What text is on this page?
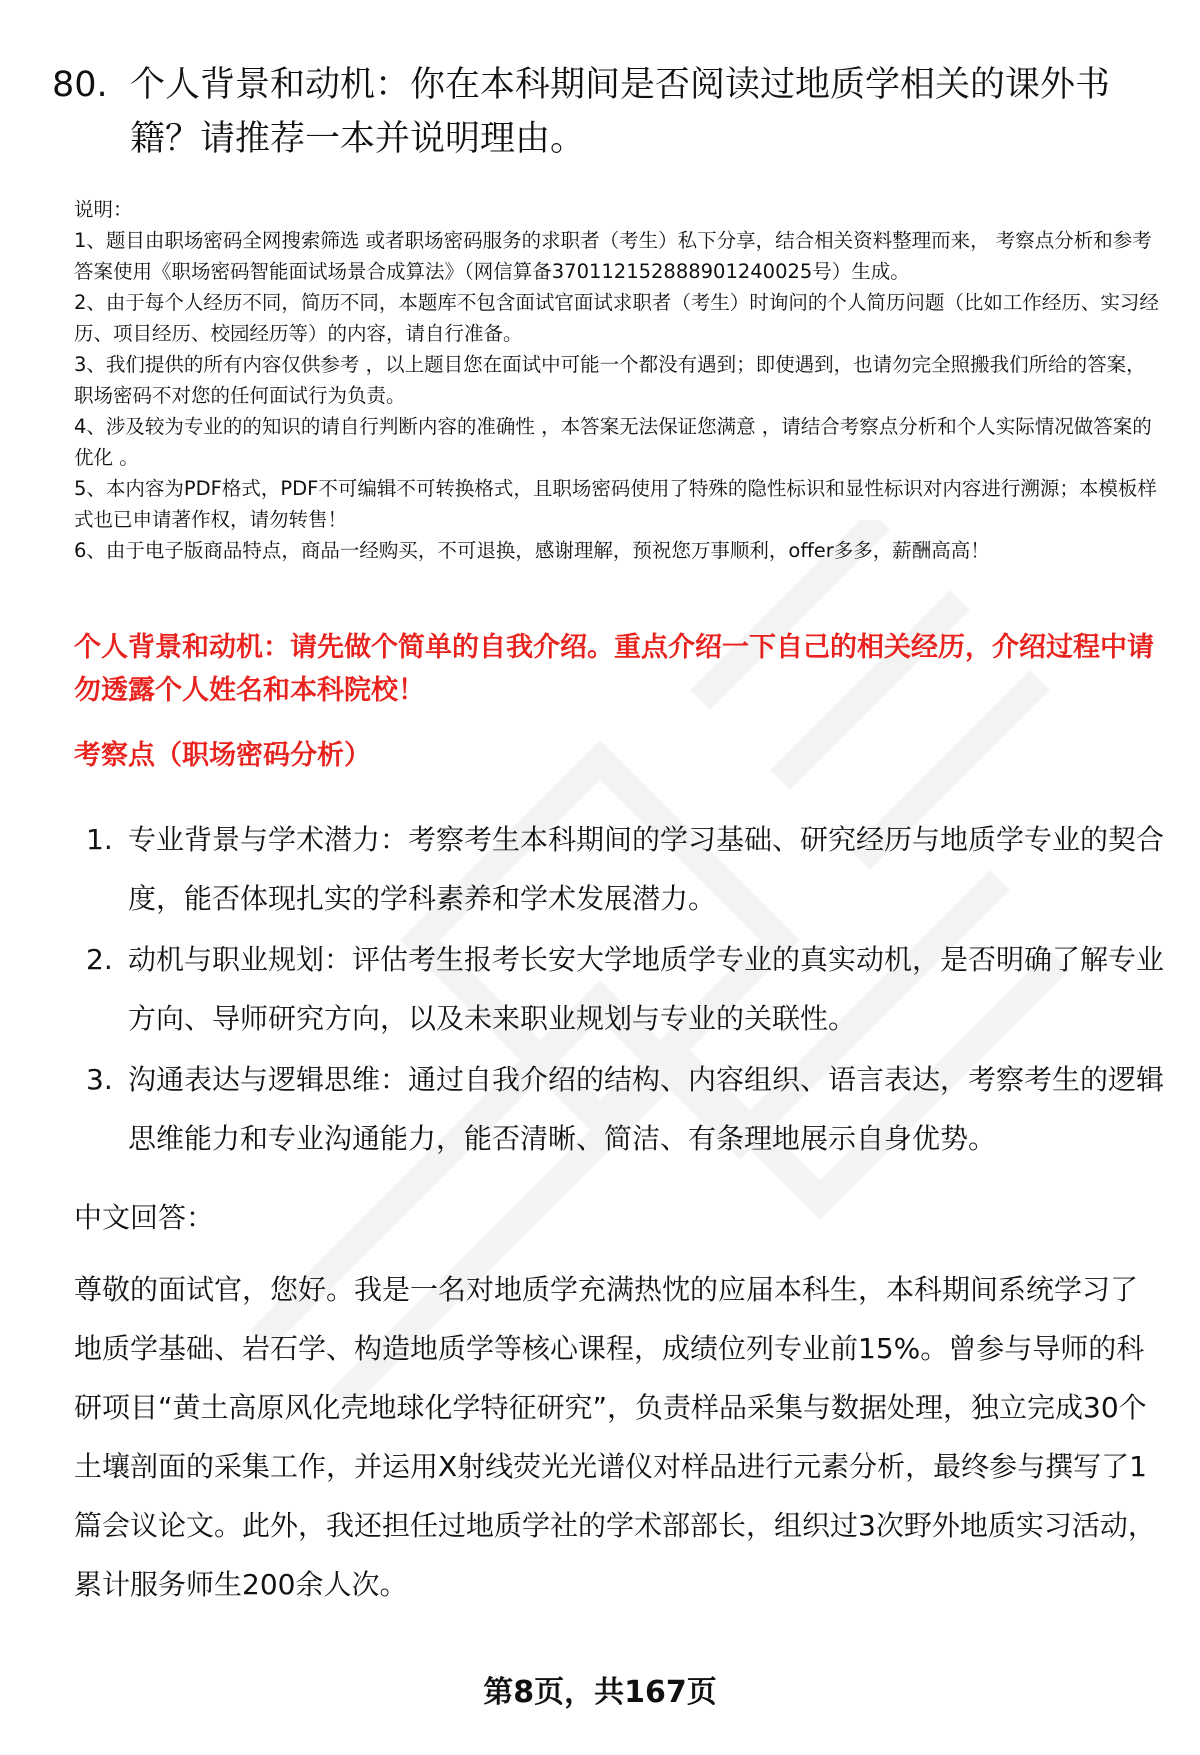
80. 个人背景和动机：你在本科期间是否阅读过地质学相关的课外书籍？请推荐一本并说明理由。

说明：

1、题目由职场密码全网搜索筛选 或者职场密码服务的求职者（考生）私下分享，结合相关资料整理而来， 考察点分析和参考答案使用《职场密码智能面试场景合成算法》（网信算备370112152888901240025号）生成。

2、由于每个人经历不同，简历不同，本题库不包含面试官面试求职者（考生）时询问的个人简历问题（比如工作经历、实习经历、项目经历、校园经历等）的内容，请自行准备。

3、我们提供的所有内容仅供参考 ，以上题目您在面试中可能一个都没有遇到；即使遇到，也请勿完全照搬我们所给的答案，职场密码不对您的任何面试行为负责。

4、涉及较为专业的的知识的请自行判断内容的准确性 ，本答案无法保证您满意 ，请结合考察点分析和个人实际情况做答案的优化 。

5、本内容为PDF格式，PDF不可编辑不可转换格式，且职场密码使用了特殊的隐性标识和显性标识对内容进行溯源；本模板样式也已申请著作权，请勿转售！

6、由于电子版商品特点，商品一经购买，不可退换，感谢理解，预祝您万事顺利，offer多多，薪酬高高！

个人背景和动机：请先做个简单的自我介绍。重点介绍一下自己的相关经历，介绍过程中请勿透露个人姓名和本科院校！
考察点（职场密码分析）
1. 专业背景与学术潜力：考察考生本科期间的学习基础、研究经历与地质学专业的契合度，能否体现扎实的学科素养和学术发展潜力。
2. 动机与职业规划：评估考生报考长安大学地质学专业的真实动机，是否明确了解专业方向、导师研究方向，以及未来职业规划与专业的关联性。
3. 沟通表达与逻辑思维：通过自我介绍的结构、内容组织、语言表达，考察考生的逻辑思维能力和专业沟通能力，能否清晰、简洁、有条理地展示自身优势。
中文回答：
尊敬的面试官，您好。我是一名对地质学充满热忱的应届本科生，本科期间系统学习了地质学基础、岩石学、构造地质学等核心课程，成绩位列专业前15%。曾参与导师的科研项目“黄土高原风化壳地球化学特征研究”，负责样品采集与数据处理，独立完成30个土壤剖面的采集工作，并运用X射线荧光光谱仪对样品进行元素分析，最终参与撰写了1篇会议论文。此外，我还担任过地质学社的学术部部长，组织过3次野外地质实习活动，累计服务师生200余人次。
第8页，共167页
